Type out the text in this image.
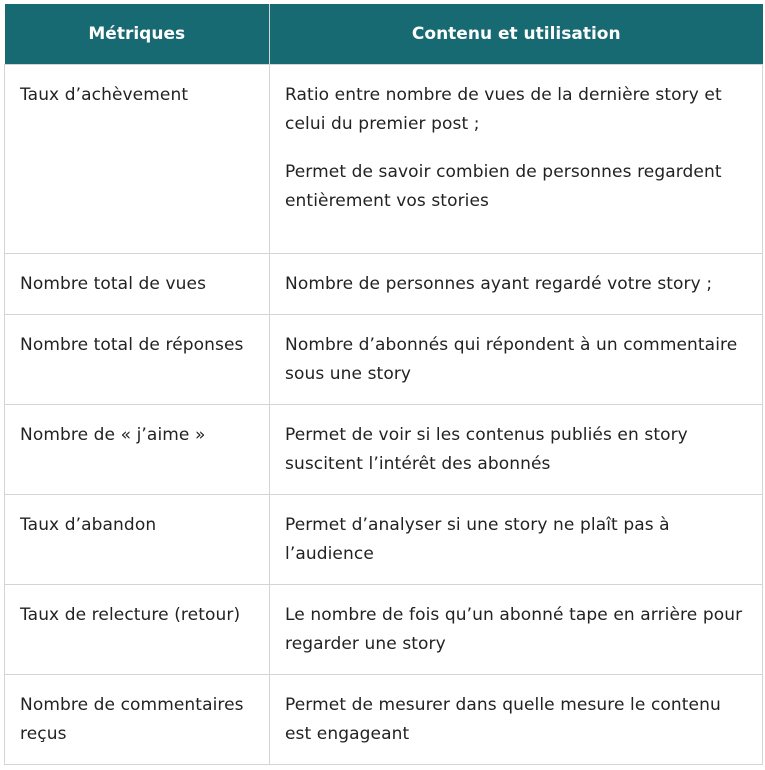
Métriques	Contenu et utilisation
Taux d’achèvement	Ratio entre nombre de vues de la dernière story et celui du premier post ;

Permet de savoir combien de personnes regardent entièrement vos stories

Nombre total de vues	Nombre de personnes ayant regardé votre story ;

Nombre total de réponses	Nombre d’abonnés qui répondent à un commentaire sous une story

Nombre de « j’aime »	Permet de voir si les contenus publiés en story suscitent l’intérêt des abonnés

Taux d’abandon	Permet d’analyser si une story ne plaît pas à l’audience

Taux de relecture (retour)	Le nombre de fois qu’un abonné tape en arrière pour regarder une story

Nombre de commentaires reçus	Permet de mesurer dans quelle mesure le contenu est engageant
